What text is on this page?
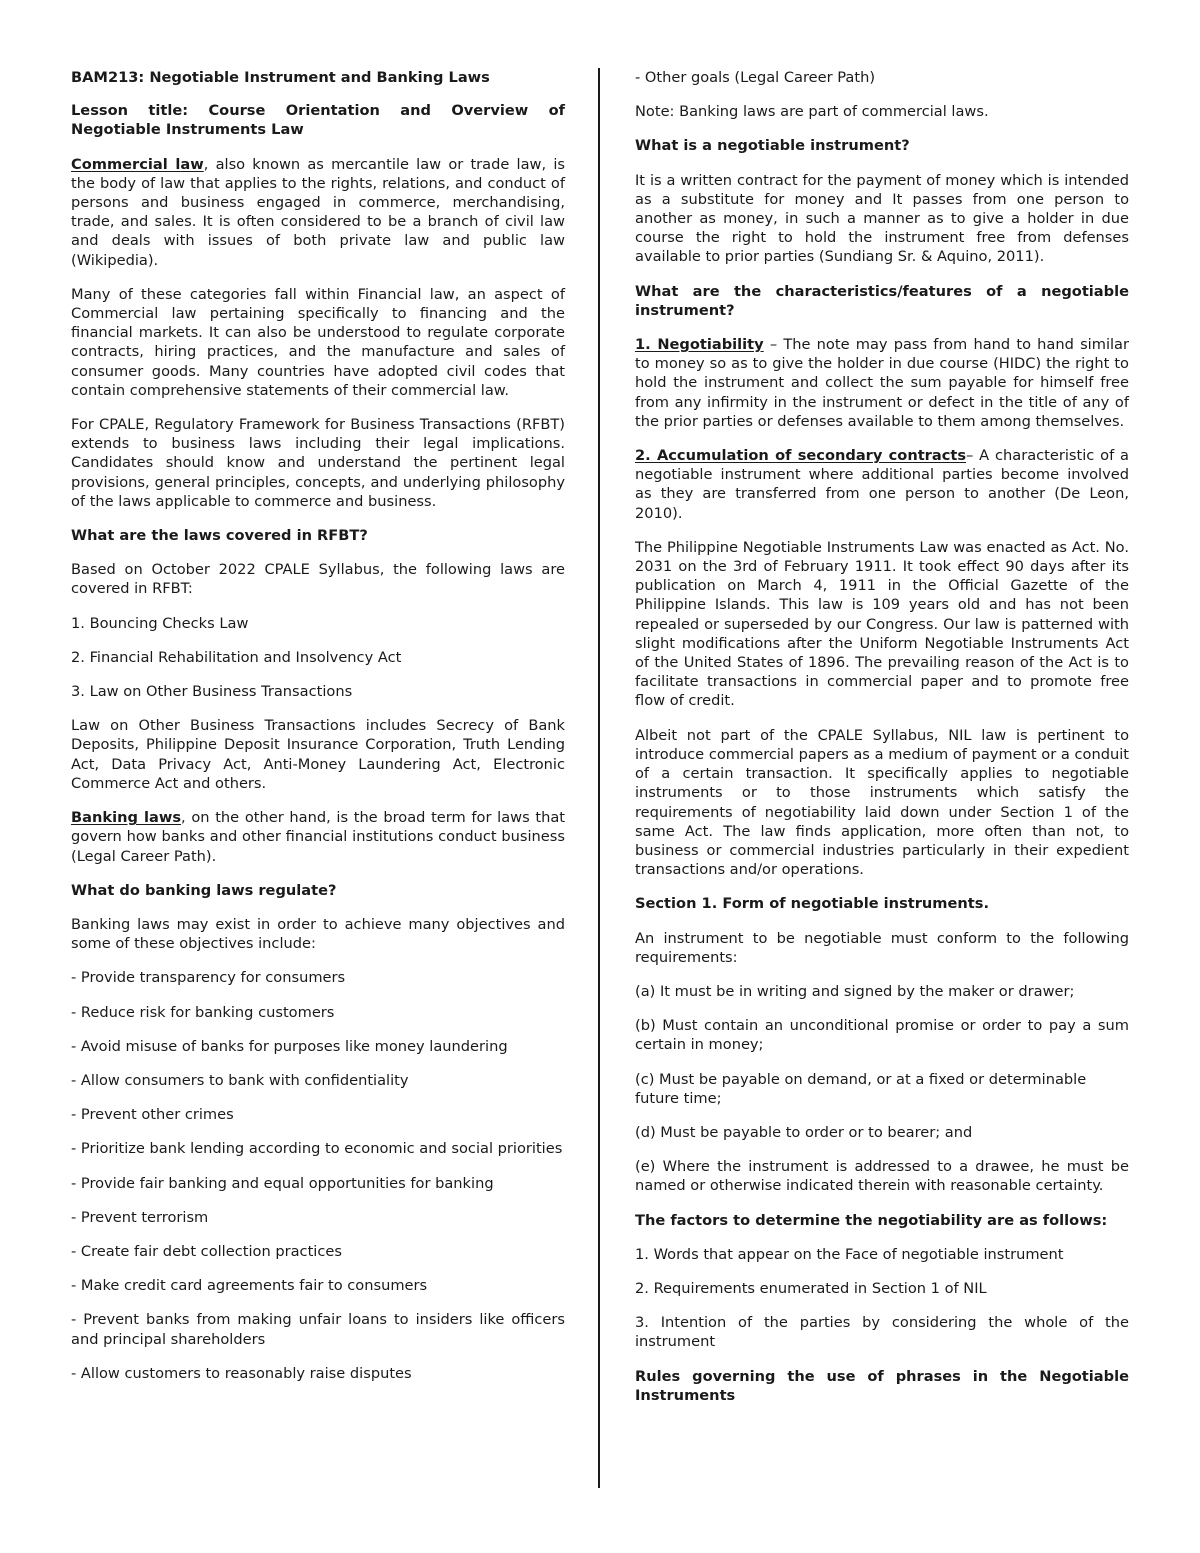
BAM213: Negotiable Instrument and Banking Laws

Lesson title: Course Orientation and Overview of Negotiable Instruments Law

Commercial law, also known as mercantile law or trade law, is the body of law that applies to the rights, relations, and conduct of persons and business engaged in commerce, merchandising, trade, and sales. It is often considered to be a branch of civil law and deals with issues of both private law and public law (Wikipedia).

Many of these categories fall within Financial law, an aspect of Commercial law pertaining specifically to financing and the financial markets. It can also be understood to regulate corporate contracts, hiring practices, and the manufacture and sales of consumer goods. Many countries have adopted civil codes that contain comprehensive statements of their commercial law.

For CPALE, Regulatory Framework for Business Transactions (RFBT) extends to business laws including their legal implications. Candidates should know and understand the pertinent legal provisions, general principles, concepts, and underlying philosophy of the laws applicable to commerce and business.

What are the laws covered in RFBT?

Based on October 2022 CPALE Syllabus, the following laws are covered in RFBT:

1. Bouncing Checks Law

2. Financial Rehabilitation and Insolvency Act

3. Law on Other Business Transactions

Law on Other Business Transactions includes Secrecy of Bank Deposits, Philippine Deposit Insurance Corporation, Truth Lending Act, Data Privacy Act, Anti-Money Laundering Act, Electronic Commerce Act and others.

Banking laws, on the other hand, is the broad term for laws that govern how banks and other financial institutions conduct business (Legal Career Path).

What do banking laws regulate?

Banking laws may exist in order to achieve many objectives and some of these objectives include:

- Provide transparency for consumers

- Reduce risk for banking customers

- Avoid misuse of banks for purposes like money laundering

- Allow consumers to bank with confidentiality

- Prevent other crimes

- Prioritize bank lending according to economic and social priorities

- Provide fair banking and equal opportunities for banking

- Prevent terrorism

- Create fair debt collection practices

- Make credit card agreements fair to consumers

- Prevent banks from making unfair loans to insiders like officers and principal shareholders

- Allow customers to reasonably raise disputes

- Other goals (Legal Career Path)

Note: Banking laws are part of commercial laws.

What is a negotiable instrument?

It is a written contract for the payment of money which is intended as a substitute for money and It passes from one person to another as money, in such a manner as to give a holder in due course the right to hold the instrument free from defenses available to prior parties (Sundiang Sr. & Aquino, 2011).

What are the characteristics/features of a negotiable instrument?

1. Negotiability – The note may pass from hand to hand similar to money so as to give the holder in due course (HIDC) the right to hold the instrument and collect the sum payable for himself free from any infirmity in the instrument or defect in the title of any of the prior parties or defenses available to them among themselves.

2. Accumulation of secondary contracts– A characteristic of a negotiable instrument where additional parties become involved as they are transferred from one person to another (De Leon, 2010).

The Philippine Negotiable Instruments Law was enacted as Act. No. 2031 on the 3rd of February 1911. It took effect 90 days after its publication on March 4, 1911 in the Official Gazette of the Philippine Islands. This law is 109 years old and has not been repealed or superseded by our Congress. Our law is patterned with slight modifications after the Uniform Negotiable Instruments Act of the United States of 1896. The prevailing reason of the Act is to facilitate transactions in commercial paper and to promote free flow of credit.

Albeit not part of the CPALE Syllabus, NIL law is pertinent to introduce commercial papers as a medium of payment or a conduit of a certain transaction. It specifically applies to negotiable instruments or to those instruments which satisfy the requirements of negotiability laid down under Section 1 of the same Act. The law finds application, more often than not, to business or commercial industries particularly in their expedient transactions and/or operations.

Section 1. Form of negotiable instruments.

An instrument to be negotiable must conform to the following requirements:

(a) It must be in writing and signed by the maker or drawer;

(b) Must contain an unconditional promise or order to pay a sum certain in money;

(c) Must be payable on demand, or at a fixed or determinable future time;

(d) Must be payable to order or to bearer; and

(e) Where the instrument is addressed to a drawee, he must be named or otherwise indicated therein with reasonable certainty.

The factors to determine the negotiability are as follows:

1. Words that appear on the Face of negotiable instrument

2. Requirements enumerated in Section 1 of NIL

3. Intention of the parties by considering the whole of the instrument

Rules governing the use of phrases in the Negotiable Instruments
